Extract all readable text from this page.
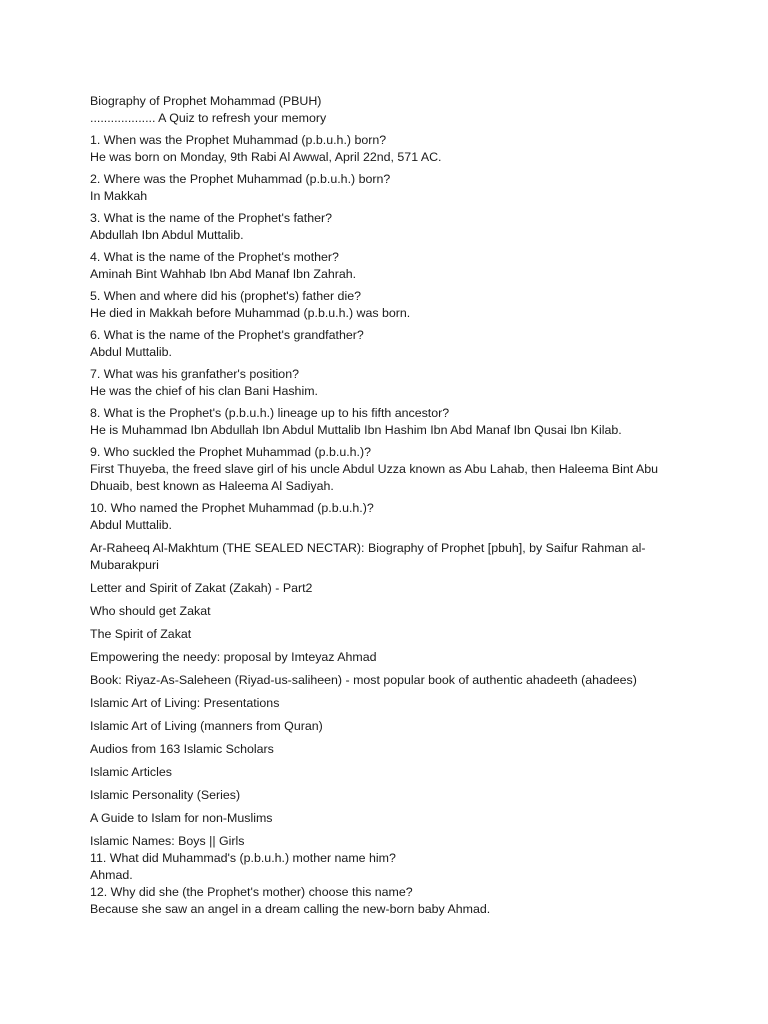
Biography of Prophet Mohammad (PBUH)
................... A Quiz to refresh your memory
1. When was the Prophet Muhammad (p.b.u.h.) born?
He was born on Monday, 9th Rabi Al Awwal, April 22nd, 571 AC.
2. Where was the Prophet Muhammad (p.b.u.h.) born?
In Makkah
3. What is the name of the Prophet's father?
Abdullah Ibn Abdul Muttalib.
4. What is the name of the Prophet's mother?
Aminah Bint Wahhab Ibn Abd Manaf Ibn Zahrah.
5. When and where did his (prophet's) father die?
He died in Makkah before Muhammad (p.b.u.h.) was born.
6. What is the name of the Prophet's grandfather?
Abdul Muttalib.
7. What was his granfather's position?
He was the chief of his clan Bani Hashim.
8. What is the Prophet's (p.b.u.h.) lineage up to his fifth ancestor?
He is Muhammad Ibn Abdullah Ibn Abdul Muttalib Ibn Hashim Ibn Abd Manaf Ibn Qusai Ibn Kilab.
9. Who suckled the Prophet Muhammad (p.b.u.h.)?
First Thuyeba, the freed slave girl of his uncle Abdul Uzza known as Abu Lahab, then Haleema Bint Abu Dhuaib, best known as Haleema Al Sadiyah.
10. Who named the Prophet Muhammad (p.b.u.h.)?
Abdul Muttalib.
Ar-Raheeq Al-Makhtum (THE SEALED NECTAR): Biography of Prophet [pbuh], by Saifur Rahman al-Mubarakpuri
Letter and Spirit of Zakat (Zakah) - Part2
Who should get Zakat
The Spirit of Zakat
Empowering the needy: proposal by Imteyaz Ahmad
Book: Riyaz-As-Saleheen (Riyad-us-saliheen) - most popular book of authentic ahadeeth (ahadees)
Islamic Art of Living: Presentations
Islamic Art of Living (manners from Quran)
Audios from 163 Islamic Scholars
Islamic Articles
Islamic Personality (Series)
A Guide to Islam for non-Muslims
Islamic Names: Boys || Girls
11. What did Muhammad's (p.b.u.h.) mother name him?
Ahmad.
12. Why did she (the Prophet's mother) choose this name?
Because she saw an angel in a dream calling the new-born baby Ahmad.
